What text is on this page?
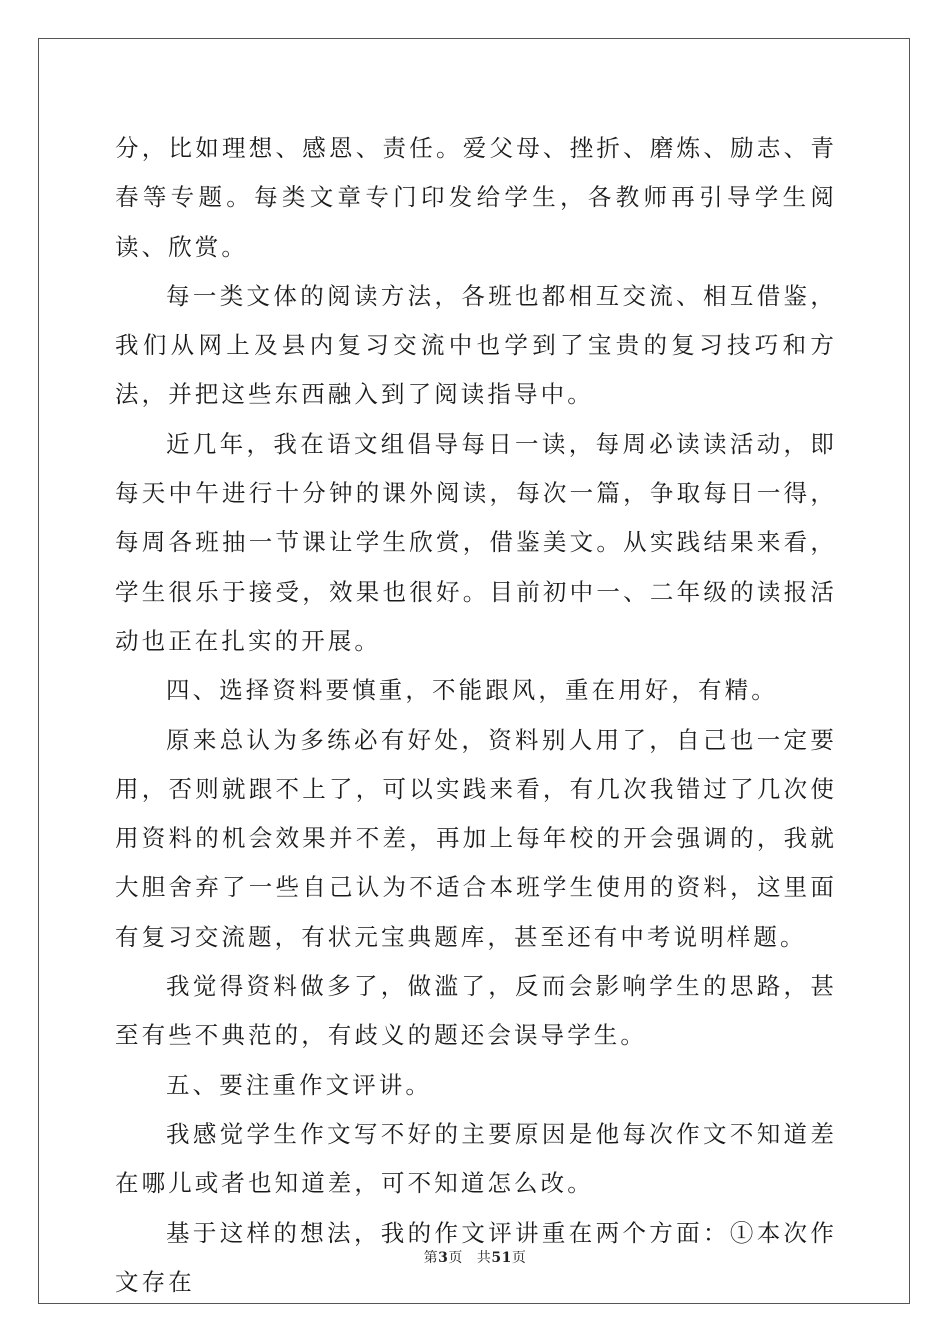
分，比如理想、感恩、责任。爱父母、挫折、磨炼、励志、青春等专题。每类文章专门印发给学生，各教师再引导学生阅读、欣赏。

每一类文体的阅读方法，各班也都相互交流、相互借鉴，我们从网上及县内复习交流中也学到了宝贵的复习技巧和方法，并把这些东西融入到了阅读指导中。

近几年，我在语文组倡导每日一读，每周必读读活动，即每天中午进行十分钟的课外阅读，每次一篇，争取每日一得，每周各班抽一节课让学生欣赏，借鉴美文。从实践结果来看，学生很乐于接受，效果也很好。目前初中一、二年级的读报活动也正在扎实的开展。

四、选择资料要慎重，不能跟风，重在用好，有精。

原来总认为多练必有好处，资料别人用了，自己也一定要用，否则就跟不上了，可以实践来看，有几次我错过了几次使用资料的机会效果并不差，再加上每年校的开会强调的，我就大胆舍弃了一些自己认为不适合本班学生使用的资料，这里面有复习交流题，有状元宝典题库，甚至还有中考说明样题。

我觉得资料做多了，做滥了，反而会影响学生的思路，甚至有些不典范的，有歧义的题还会误导学生。

五、要注重作文评讲。

我感觉学生作文写不好的主要原因是他每次作文不知道差在哪儿或者也知道差，可不知道怎么改。

基于这样的想法，我的作文评讲重在两个方面：①本次作文存在

第3页 共51页
